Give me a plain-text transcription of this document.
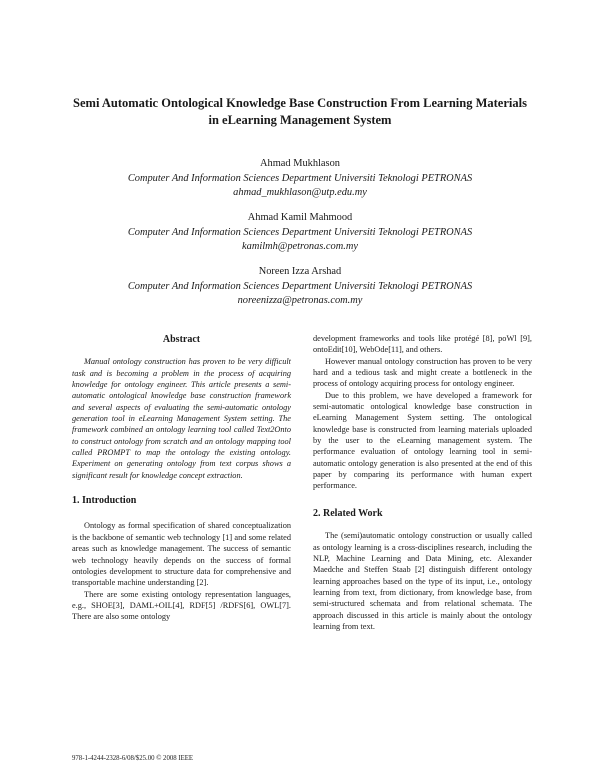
Semi Automatic Ontological Knowledge Base Construction From Learning Materials in eLearning Management System
Ahmad Mukhlason
Computer And Information Sciences Department Universiti Teknologi PETRONAS
ahmad_mukhlason@utp.edu.my
Ahmad Kamil Mahmood
Computer And Information Sciences Department Universiti Teknologi PETRONAS
kamilmh@petronas.com.my
Noreen Izza Arshad
Computer And Information Sciences Department Universiti Teknologi PETRONAS
noreenizza@petronas.com.my
Abstract

Manual ontology construction has proven to be very difficult task and is becoming a problem in the process of acquiring knowledge for ontology engineer. This article presents a semi-automatic ontological knowledge base construction framework and several aspects of evaluating the semi-automatic ontology generation tool in eLearning Management System setting. The framework combined an ontology learning tool called Text2Onto to construct ontology from scratch and an ontology mapping tool called PROMPT to map the ontology the existing ontology. Experiment on generating ontology from text corpus shows a significant result for knowledge concept extraction.

1. Introduction

Ontology as formal specification of shared conceptualization is the backbone of semantic web technology [1] and some related areas such as knowledge management. The success of semantic web technology heavily depends on the success of formal ontologies development to structure data for comprehensive and transportable machine understanding [2].

There are some existing ontology representation languages, e.g., SHOE[3], DAML+OIL[4], RDF[5] /RDFS[6], OWL[7]. There are also some ontology

development frameworks and tools like protégé [8], poWl [9], ontoEdit[10], WebOde[11], and others.

However manual ontology construction has proven to be very hard and a tedious task and might create a bottleneck in the process of ontology acquiring process for ontology engineer.

Due to this problem, we have developed a framework for semi-automatic ontological knowledge base construction in eLearning Management System setting. The ontological knowledge base is constructed from learning materials uploaded by the user to the eLearning management system. The performance evaluation of ontology learning tool in semi-automatic ontology generation is also presented at the end of this paper by comparing its performance with human expert performance.

2. Related Work

The (semi)automatic ontology construction or usually called as ontology learning is a cross-disciplines research, including the NLP, Machine Learning and Data Mining, etc. Alexander Maedche and Steffen Staab [2] distinguish different ontology learning approaches based on the type of its input, i.e., ontology learning from text, from dictionary, from knowledge base, from semi-structured schemata and from relational schemata. The approach discussed in this article is mainly about the ontology learning from text.

978-1-4244-2328-6/08/$25.00 © 2008 IEEE
